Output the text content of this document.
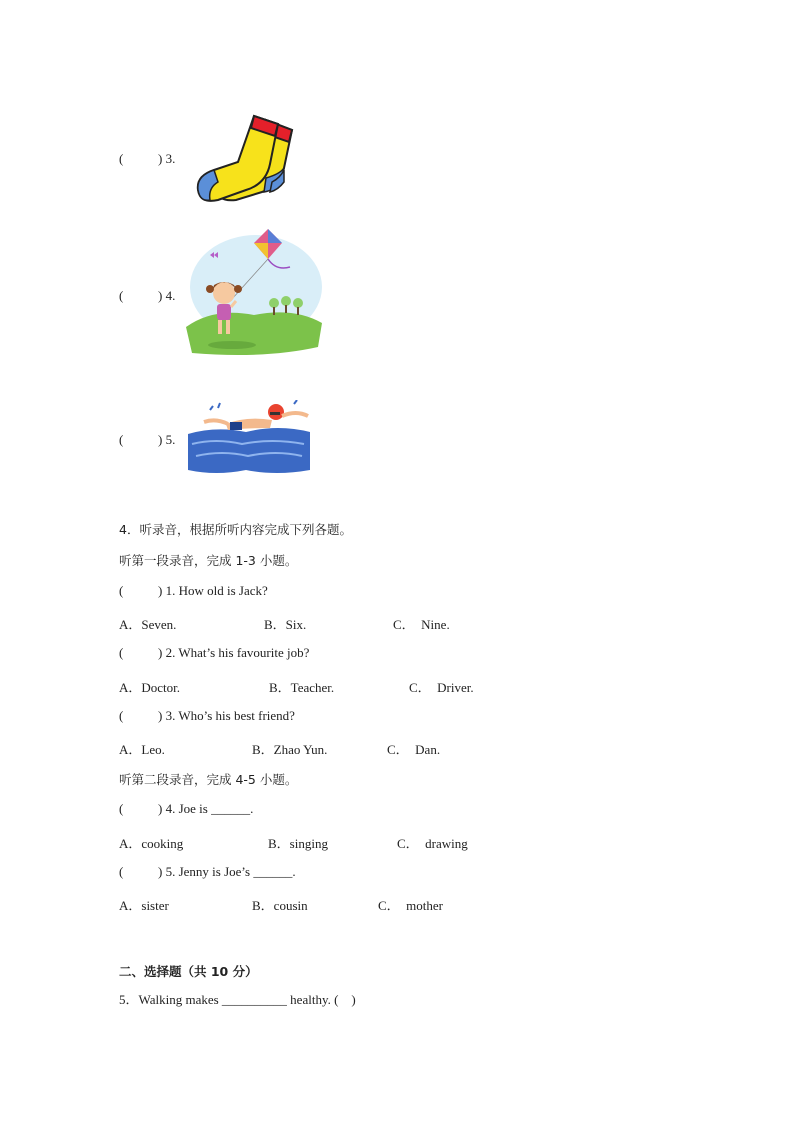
(	) 3.
(	) 4.
(	) 5.
4．听录音，根据所听内容完成下列各题。
听第一段录音，完成 1-3 小题。
(	) 1. How old is Jack?
A．Seven.	B．Six.	C．  Nine.
(	) 2. What’s his favourite job?
A．Doctor.	B．Teacher.	C．  Driver.
(	) 3. Who’s his best friend?
A．Leo.	B．Zhao Yun.	C．  Dan.
听第二段录音，完成 4-5 小题。
(	) 4. Joe is ______.
A．cooking	B．singing	C．  drawing
(	) 5. Jenny is Joe’s ______.
A．sister	B．cousin	C．  mother
二、选择题（共 10 分）
5．Walking makes __________ healthy. (    )
